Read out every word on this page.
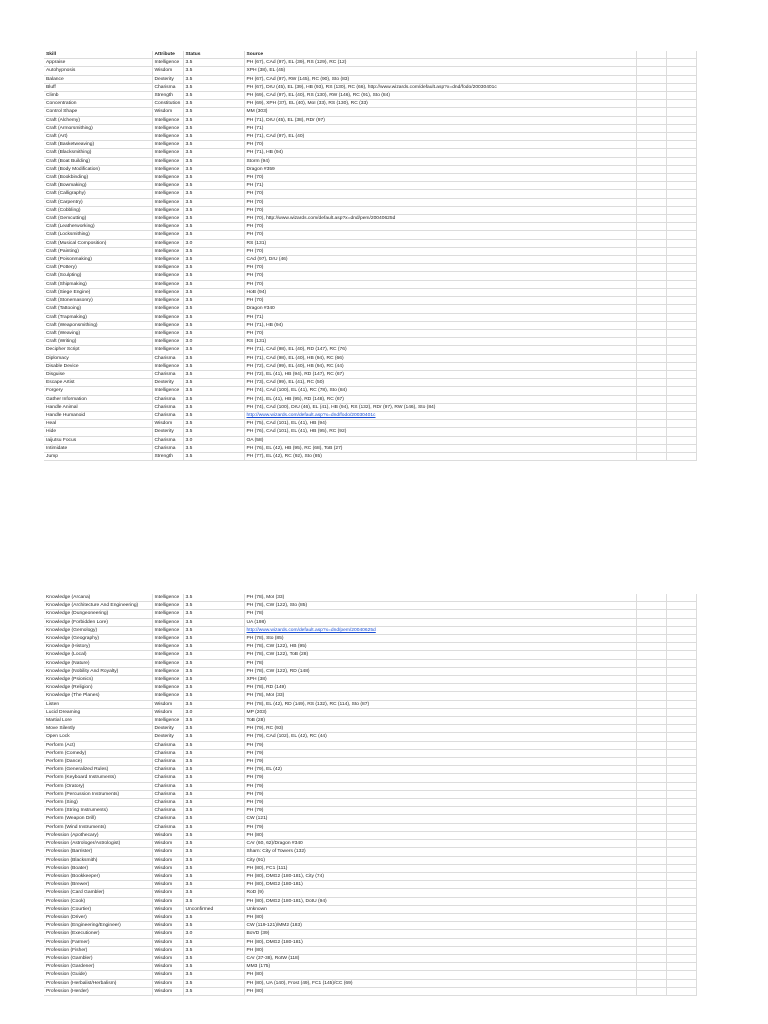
Skill	Attribute	Status	Source		
Appraise	Intelligence	3.5	PH (67), CAd (97), EL (39), RS (129), RC (12)		
Autohypnosis	Wisdom	3.5	XPH (38), EL (45)		
Balance	Dexterity	3.5	PH (67), CAd (97), RW (145), RC (90), Sto (83)		
Bluff	Charisma	3.5	PH (67), DrU (45), EL (39), HB (93), RS (130), RC (66), http://www.wizards.com/default.asp?x=dnd/fodo/20030401c		
Climb	Strength	3.5	PH (69), CAd (97), EL (40), RS (130), RW (146), RC (91), Sto (84)		
Concentration	Constitution	3.5	PH (69), XPH (37), EL (40), MoI (33), RS (130), RC (33)		
Control Shape	Wisdom	3.5	MM (303)		
Craft (Alchemy)	Intelligence	3.5	PH (71), DrU (45), EL (38), RDr (97)		
Craft (Armorsmithing)	Intelligence	3.5	PH (71)		
Craft (Art)	Intelligence	3.5	PH (71), CAd (97), EL (40)		
Craft (Basketweaving)	Intelligence	3.5	PH (70)		
Craft (Blacksmithing)	Intelligence	3.5	PH (71), HB (94)		
Craft (Boat Building)	Intelligence	3.5	Storm (94)		
Craft (Body Modification)	Intelligence	3.5	Dragon #359		
Craft (Bookbinding)	Intelligence	3.5	PH (70)		
Craft (Bowmaking)	Intelligence	3.5	PH (71)		
Craft (Calligraphy)	Intelligence	3.5	PH (70)		
Craft (Carpentry)	Intelligence	3.5	PH (70)		
Craft (Cobbling)	Intelligence	3.5	PH (70)		
Craft (Gemcutting)	Intelligence	3.5	PH (70), http://www.wizards.com/default.asp?x=dnd/pem/20040625d		
Craft (Leatherworking)	Intelligence	3.5	PH (70)		
Craft (Locksmithing)	Intelligence	3.5	PH (70)		
Craft (Musical Composition)	Intelligence	3.0	RS (131)		
Craft (Painting)	Intelligence	3.5	PH (70)		
Craft (Poisonmaking)	Intelligence	3.5	CAd (97), DrU (46)		
Craft (Pottery)	Intelligence	3.5	PH (70)		
Craft (Sculpting)	Intelligence	3.5	PH (70)		
Craft (Shipmaking)	Intelligence	3.5	PH (70)		
Craft (Siege Engine)	Intelligence	3.5	HoB (94)		
Craft (Stonemasonry)	Intelligence	3.5	PH (70)		
Craft (Tattooing)	Intelligence	3.5	Dragon #340		
Craft (Trapmaking)	Intelligence	3.5	PH (71)		
Craft (Weaponsmithing)	Intelligence	3.5	PH (71), HB (94)		
Craft (Weaving)	Intelligence	3.5	PH (70)		
Craft (Writing)	Intelligence	3.0	RS (131)		
Decipher Script	Intelligence	3.5	PH (71), CAd (98), EL (40), RD (147), RC (76)		
Diplomacy	Charisma	3.5	PH (71), CAd (98), EL (40), HB (94), RC (66)		
Disable Device	Intelligence	3.5	PH (72), CAd (99), EL (40), HB (94), RC (44)		
Disguise	Charisma	3.5	PH (72), EL (41), HB (94), RD (147), RC (67)		
Escape Artist	Dexterity	3.5	PH (73), CAd (99), EL (41), RC (50)		
Forgery	Intelligence	3.5	PH (74), CAd (100), EL (41), RC (78), Sto (84)		
Gather Information	Charisma	3.5	PH (74), EL (41), HB (95), RD (148), RC (67)		
Handle Animal	Charisma	3.5	PH (74), CAd (100), DrU (46), EL (41), HB (94), RS (132), RDr (97), RW (146), Sto (84)		
Handle Humanoid	Charisma	3.5	http://www.wizards.com/default.asp?x=dnd/fodo/20030401c		
Heal	Wisdom	3.5	PH (75), CAd (101), EL (41), HB (94)		
Hide	Dexterity	3.5	PH (76), CAd (101), EL (41), HB (95), RC (92)		
Iaijutsu Focus	Charisma	3.0	OA (58)		
Intimidate	Charisma	3.5	PH (76), EL (42), HB (95), RC (68), ToB (27)		
Jump	Strength	3.5	PH (77), EL (42), RC (92), Sto (85)		
Knowledge (Arcana)	Intelligence	3.5	PH (78), MoI (33)		
Knowledge (Architecture And Engineering)	Intelligence	3.5	PH (78), CW (122), Sto (85)		
Knowledge (Dungeoneering)	Intelligence	3.5	PH (78)		
Knowledge (Forbidden Lore)	Intelligence	3.5	UA (198)		
Knowledge (Gemology)	Intelligence	3.5	http://www.wizards.com/default.asp?x=dnd/pem/20040625d		
Knowledge (Geography)	Intelligence	3.5	PH (78), Sto (85)		
Knowledge (History)	Intelligence	3.5	PH (78), CW (122), HB (95)		
Knowledge (Local)	Intelligence	3.5	PH (78), CW (122), ToB (28)		
Knowledge (Nature)	Intelligence	3.5	PH (78)		
Knowledge (Nobility And Royalty)	Intelligence	3.5	PH (78), CW (122), RD (148)		
Knowledge (Psionics)	Intelligence	3.5	XPH (38)		
Knowledge (Religion)	Intelligence	3.5	PH (78), RD (149)		
Knowledge (The Planes)	Intelligence	3.5	PH (78), MoI (33)		
Listen	Wisdom	3.5	PH (78), EL (42), RD (149), RS (132), RC (114), Sto (87)		
Lucid Dreaming	Wisdom	3.0	MP (203)		
Martial Lore	Intelligence	3.5	ToB (28)		
Move Silently	Dexterity	3.5	PH (79), RC (93)		
Open Lock	Dexterity	3.5	PH (79), CAd (102), EL (42), RC (44)		
Perform (Act)	Charisma	3.5	PH (79)		
Perform (Comedy)	Charisma	3.5	PH (79)		
Perform (Dance)	Charisma	3.5	PH (79)		
Perform (Generalized Rules)	Charisma	3.5	PH (79), EL (42)		
Perform (Keyboard Instruments)	Charisma	3.5	PH (79)		
Perform (Oratory)	Charisma	3.5	PH (79)		
Perform (Percussion Instruments)	Charisma	3.5	PH (79)		
Perform (Sing)	Charisma	3.5	PH (79)		
Perform (String Instruments)	Charisma	3.5	PH (79)		
Perform (Weapon Drill)	Charisma	3.5	CW (121)		
Perform (Wind Instruments)	Charisma	3.5	PH (79)		
Profession (Apothecary)	Wisdom	3.5	PH (80)		
Profession (Astrologer/Astrologist)	Wisdom	3.5	CAr (60, 62)/Dragon #340		
Profession (Barrister)	Wisdom	3.5	Sharn: City of Towers (132)		
Profession (Blacksmith)	Wisdom	3.5	City (91)		
Profession (Boater)	Wisdom	3.5	PH (80), FC1 (111)		
Profession (Bookkeeper)	Wisdom	3.5	PH (80), DMG2 (180-181), City (74)		
Profession (Brewer)	Wisdom	3.5	PH (80), DMG2 (180-181)		
Profession (Card Gambler)	Wisdom	3.5	RoD (9)		
Profession (Cook)	Wisdom	3.5	PH (80), DMG2 (180-181), DotU (94)		
Profession (Courtier)	Wisdom	Unconfirmed	Unknown		
Profession (Driver)	Wisdom	3.5	PH (80)		
Profession (Engineering/Engineer)	Wisdom	3.5	CW (119-121)/MM2 (183)		
Profession (Executioner)	Wisdom	3.0	BoVD (39)		
Profession (Farmer)	Wisdom	3.5	PH (80), DMG2 (180-181)		
Profession (Fisher)	Wisdom	3.5	PH (80)		
Profession (Gambler)	Wisdom	3.5	CAr (37-38), RotW (118)		
Profession (Gardener)	Wisdom	3.5	MM3 (175)		
Profession (Guide)	Wisdom	3.5	PH (80)		
Profession (Herbalist/Herbalism)	Wisdom	3.5	PH (80), UA (140), Frost (49), FC1 (145)/CC (69)		
Profession (Herder)	Wisdom	3.5	PH (80)		
